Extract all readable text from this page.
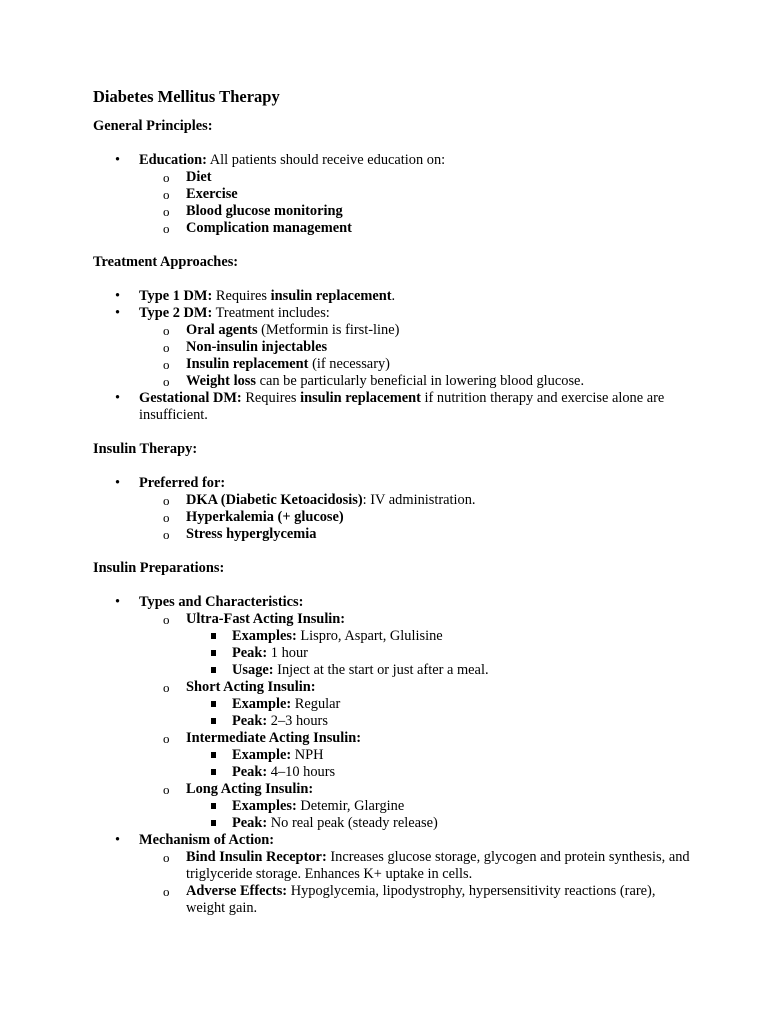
Diabetes Mellitus Therapy
General Principles:
• Education: All patients should receive education on:
o Diet
o Exercise
o Blood glucose monitoring
o Complication management
Treatment Approaches:
• Type 1 DM: Requires insulin replacement.
• Type 2 DM: Treatment includes:
o Oral agents (Metformin is first-line)
o Non-insulin injectables
o Insulin replacement (if necessary)
o Weight loss can be particularly beneficial in lowering blood glucose.
• Gestational DM: Requires insulin replacement if nutrition therapy and exercise alone are insufficient.
Insulin Therapy:
• Preferred for:
o DKA (Diabetic Ketoacidosis): IV administration.
o Hyperkalemia (+ glucose)
o Stress hyperglycemia
Insulin Preparations:
• Types and Characteristics:
o Ultra-Fast Acting Insulin:
Examples: Lispro, Aspart, Glulisine
Peak: 1 hour
Usage: Inject at the start or just after a meal.
o Short Acting Insulin:
Example: Regular
Peak: 2–3 hours
o Intermediate Acting Insulin:
Example: NPH
Peak: 4–10 hours
o Long Acting Insulin:
Examples: Detemir, Glargine
Peak: No real peak (steady release)
• Mechanism of Action:
o Bind Insulin Receptor: Increases glucose storage, glycogen and protein synthesis, and triglyceride storage. Enhances K+ uptake in cells.
o Adverse Effects: Hypoglycemia, lipodystrophy, hypersensitivity reactions (rare), weight gain.
